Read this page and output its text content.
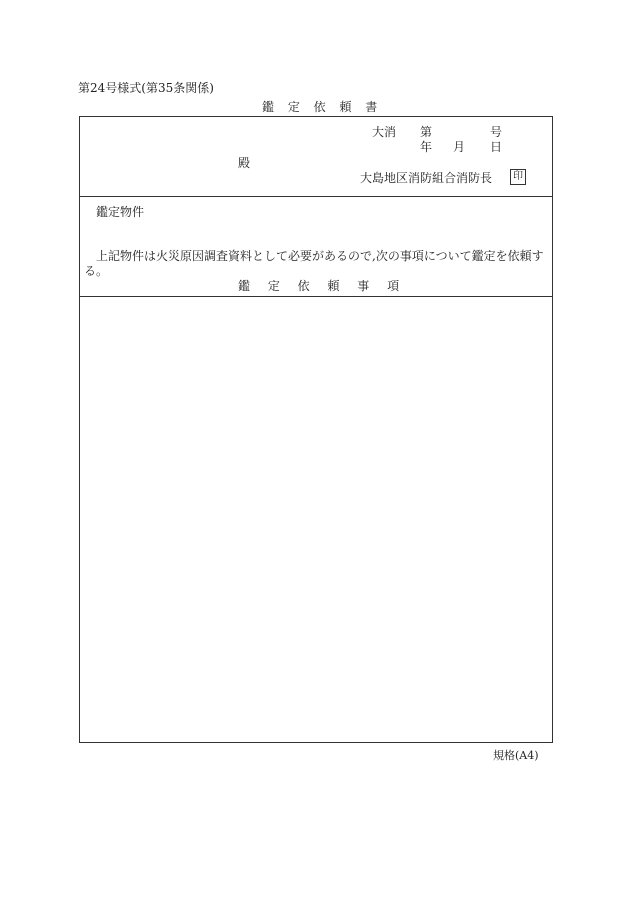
第24号様式(第35条関係)
鑑 定 依 頼 書
大消 第	号
年 月 日
殿
大島地区消防組合消防長	印
鑑定物件
上記物件は火災原因調査資料として必要があるので,次の事項について鑑定を依頼する。
鑑 定 依 頼 事 項
規格(A4)
